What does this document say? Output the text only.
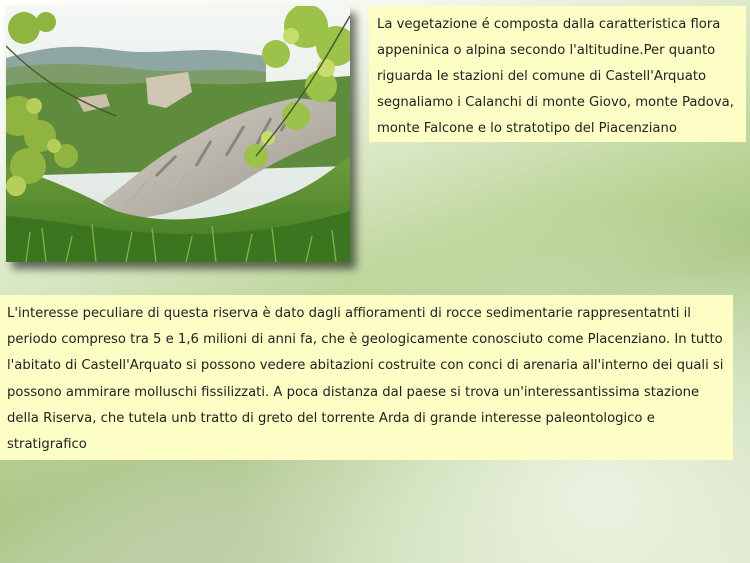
La vegetazione é composta dalla caratteristica flora appeninica o alpina secondo l'altitudine.Per quanto riguarda le stazioni del comune di Castell'Arquato segnaliamo i Calanchi di monte Giovo, monte Padova, monte Falcone e lo stratotipo del Piacenziano
L'interesse peculiare di questa riserva è dato dagli affioramenti di rocce sedimentarie rappresentatnti il periodo compreso tra 5 e 1,6 milioni di anni fa, che è geologicamente conosciuto come Placenziano. In tutto l'abitato di Castell'Arquato si possono vedere abitazioni costruite con conci di arenaria all'interno dei quali si possono ammirare molluschi fissilizzati. A poca distanza dal paese si trova un'interessantissima stazione della Riserva, che tutela unb tratto di greto del torrente Arda di grande interesse paleontologico e stratigrafico
